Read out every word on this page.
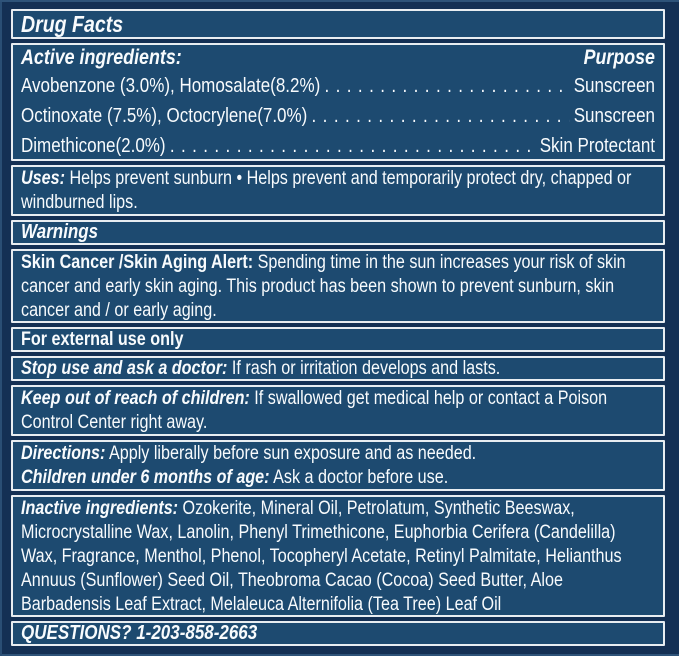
Drug Facts
Active ingredients:	Purpose
Avobenzone (3.0%), Homosalate(8.2%) . . .	Sunscreen
Octinoxate (7.5%), Octocrylene(7.0%) . . .	Sunscreen
Dimethicone(2.0%) . . .	Skin Protectant

Uses: Helps prevent sunburn • Helps prevent and temporarily protect dry, chapped or windburned lips.

Warnings

Skin Cancer /Skin Aging Alert: Spending time in the sun increases your risk of skin cancer and early skin aging. This product has been shown to prevent sunburn, skin cancer and / or early aging.

For external use only

Stop use and ask a doctor: If rash or irritation develops and lasts.

Keep out of reach of children: If swallowed get medical help or contact a Poison Control Center right away.

Directions: Apply liberally before sun exposure and as needed.

Children under 6 months of age: Ask a doctor before use.

Inactive ingredients: Ozokerite, Mineral Oil, Petrolatum, Synthetic Beeswax, Microcrystalline Wax, Lanolin, Phenyl Trimethicone, Euphorbia Cerifera (Candelilla) Wax, Fragrance, Menthol, Phenol, Tocopheryl Acetate, Retinyl Palmitate, Helianthus Annuus (Sunflower) Seed Oil, Theobroma Cacao (Cocoa) Seed Butter, Aloe Barbadensis Leaf Extract, Melaleuca Alternifolia (Tea Tree) Leaf Oil

QUESTIONS? 1-203-858-2663
